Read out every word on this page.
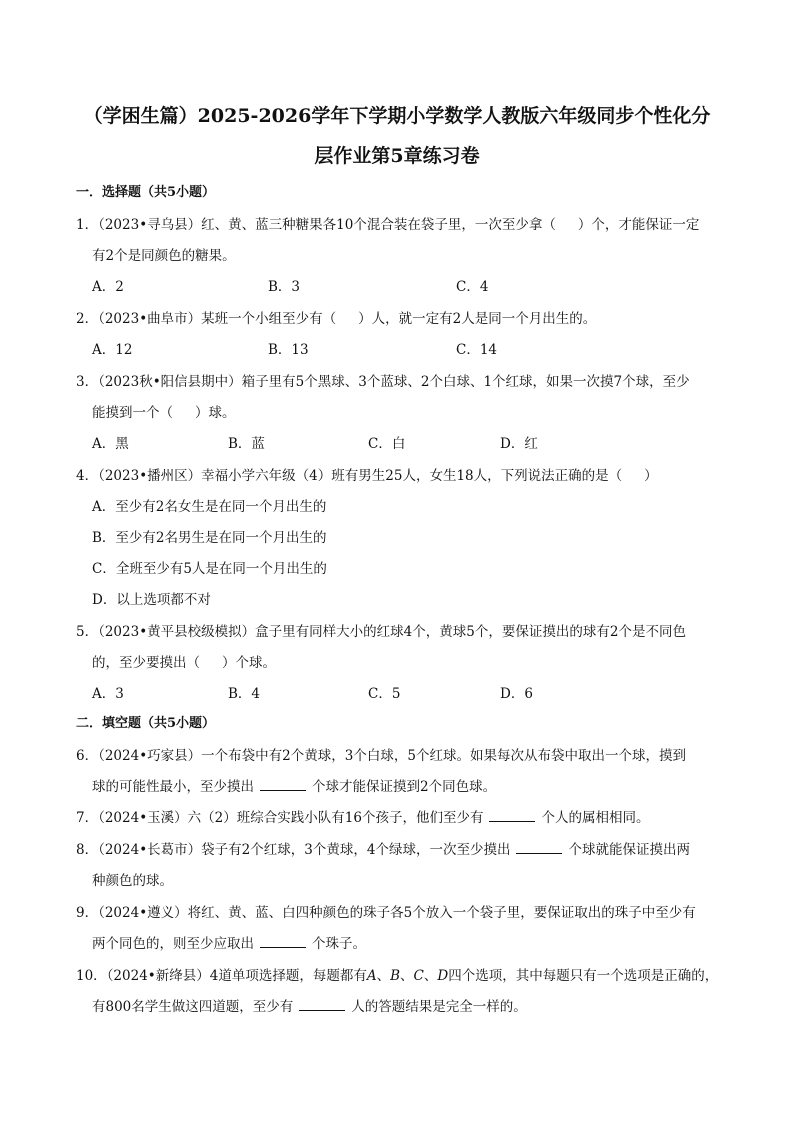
（学困生篇）2025-2026学年下学期小学数学人教版六年级同步个性化分
层作业第5章练习卷
一．选择题（共5小题）
1．（2023•寻乌县）红、黄、蓝三种糖果各10个混合装在袋子里，一次至少拿（ ）个，才能保证一定
有2个是同颜色的糖果。
A．2	B．3	C．4
2．（2023•曲阜市）某班一个小组至少有（ ）人，就一定有2人是同一个月出生的。
A．12	B．13	C．14
3．（2023秋•阳信县期中）箱子里有5个黑球、3个蓝球、2个白球、1个红球，如果一次摸7个球，至少
能摸到一个（ ）球。
A．黑	B．蓝	C．白	D．红
4．（2023•播州区）幸福小学六年级（4）班有男生25人，女生18人，下列说法正确的是（ ）
A．至少有2名女生是在同一个月出生的
B．至少有2名男生是在同一个月出生的
C．全班至少有5人是在同一个月出生的
D．以上选项都不对
5．（2023•黄平县校级模拟）盒子里有同样大小的红球4个，黄球5个，要保证摸出的球有2个是不同色
的，至少要摸出（ ）个球。
A．3	B．4	C．5	D．6
二．填空题（共5小题）
6．（2024•巧家县）一个布袋中有2个黄球，3个白球，5个红球。如果每次从布袋中取出一个球，摸到
球的可能性最小，至少摸出	个球才能保证摸到2个同色球。
7．（2024•玉溪）六（2）班综合实践小队有16个孩子，他们至少有	个人的属相相同。
8．（2024•长葛市）袋子有2个红球，3个黄球，4个绿球，一次至少摸出	个球就能保证摸出两
种颜色的球。
9．（2024•遵义）将红、黄、蓝、白四种颜色的珠子各5个放入一个袋子里，要保证取出的珠子中至少有
两个同色的，则至少应取出	个珠子。
10．（2024•新绛县）4道单项选择题，每题都有A、B、C、D四个选项，其中每题只有一个选项是正确的，
有800名学生做这四道题，至少有	人的答题结果是完全一样的。
